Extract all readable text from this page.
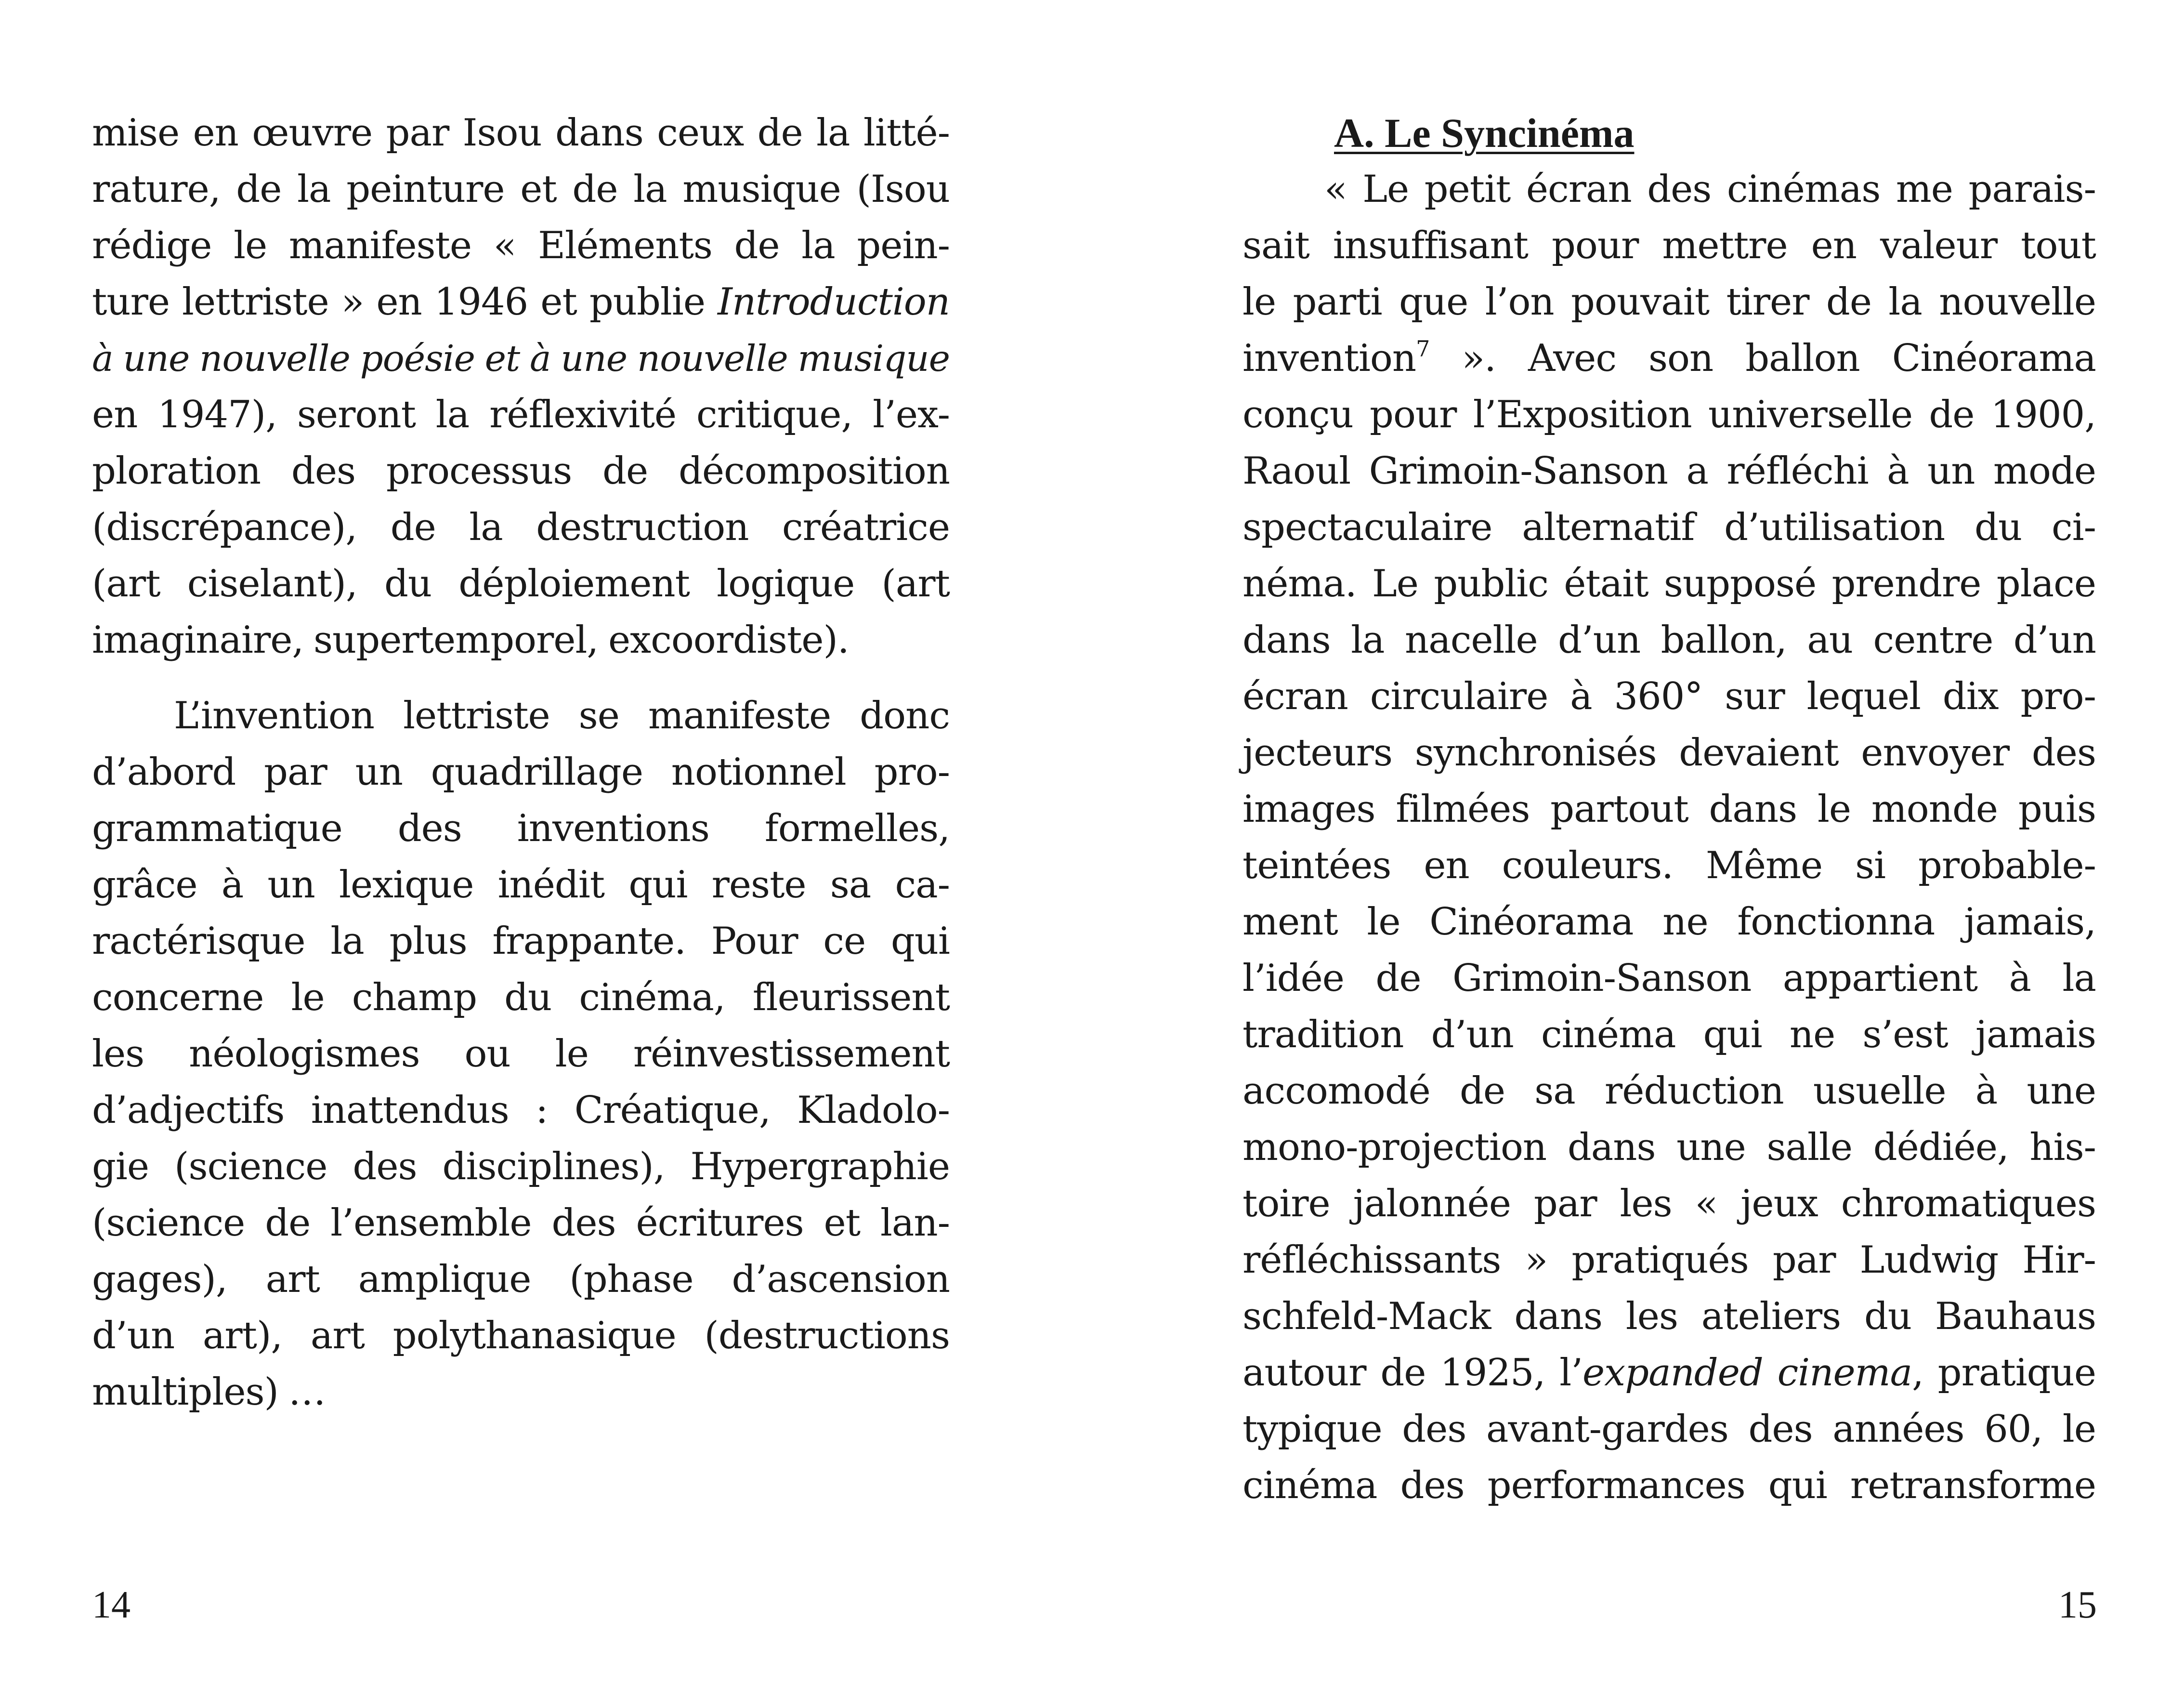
mise en œuvre par Isou dans ceux de la litté-
rature, de la peinture et de la musique (Isou
rédige le manifeste « Eléments de la pein-
ture lettriste » en 1946 et publie Introduction
à une nouvelle poésie et à une nouvelle musique
en 1947), seront la réflexivité critique, l’ex-
ploration des processus de décomposition
(discrépance), de la destruction créatrice
(art ciselant), du déploiement logique (art
imaginaire, supertemporel, excoordiste).
L’invention lettriste se manifeste donc
d’abord par un quadrillage notionnel pro-
grammatique des inventions formelles,
grâce à un lexique inédit qui reste sa ca-
ractérisque la plus frappante. Pour ce qui
concerne le champ du cinéma, fleurissent
les néologismes ou le réinvestissement
d’adjectifs inattendus : Créatique, Kladolo-
gie (science des disciplines), Hypergraphie
(science de l’ensemble des écritures et lan-
gages), art amplique (phase d’ascension
d’un art), art polythanasique (destructions
multiples) …
A. Le Syncinéma
« Le petit écran des cinémas me parais-
sait insuffisant pour mettre en valeur tout
le parti que l’on pouvait tirer de la nouvelle
invention$^7$ ». Avec son ballon Cinéorama
conçu pour l’Exposition universelle de 1900,
Raoul Grimoin-Sanson a réfléchi à un mode
spectaculaire alternatif d’utilisation du ci-
néma. Le public était supposé prendre place
dans la nacelle d’un ballon, au centre d’un
écran circulaire à 360° sur lequel dix pro-
jecteurs synchronisés devaient envoyer des
images filmées partout dans le monde puis
teintées en couleurs. Même si probable-
ment le Cinéorama ne fonctionna jamais,
l’idée de Grimoin-Sanson appartient à la
tradition d’un cinéma qui ne s’est jamais
accomodé de sa réduction usuelle à une
mono-projection dans une salle dédiée, his-
toire jalonnée par les « jeux chromatiques
réfléchissants » pratiqués par Ludwig Hir-
schfeld-Mack dans les ateliers du Bauhaus
autour de 1925, l’expanded cinema, pratique
typique des avant-gardes des années 60, le
cinéma des performances qui retransforme
14	15
